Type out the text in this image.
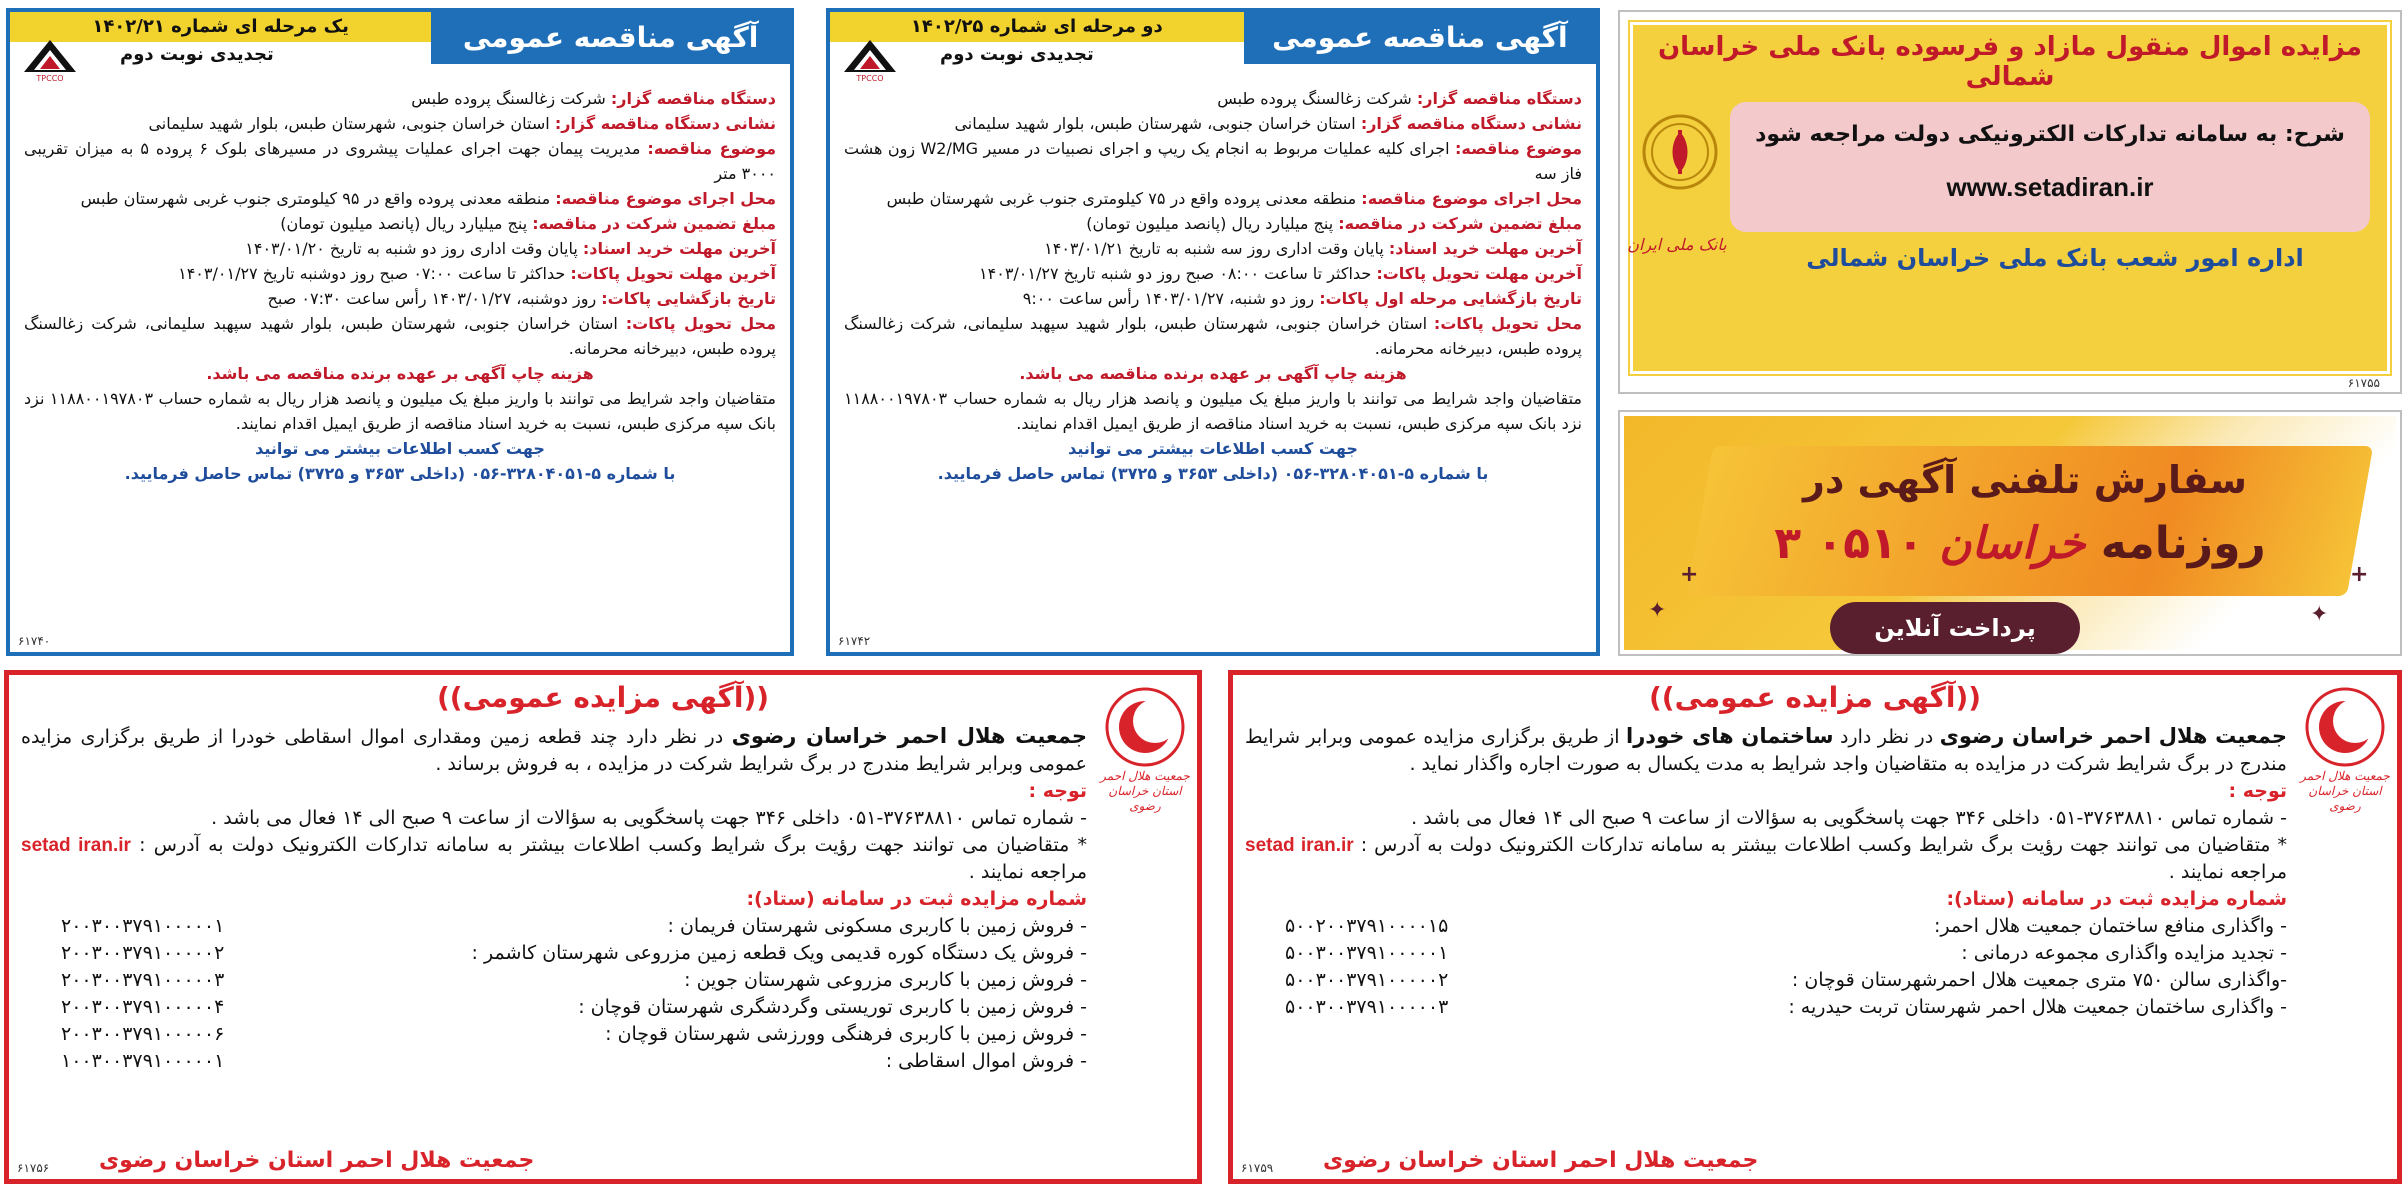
یک مرحله ای شماره ۱۴۰۲/۲۱	آگهی مناقصه عمومی
تجدیدی نوبت دوم
TPCCO

دستگاه مناقصه گزار: شرکت زغالسنگ پروده طبس

نشانی دستگاه مناقصه گزار: استان خراسان جنوبی، شهرستان طبس، بلوار شهید سلیمانی

موضوع مناقصه: مدیریت پیمان جهت اجرای عملیات پیشروی در مسیرهای بلوک ۶ پروده ۵ به میزان تقریبی ۳۰۰۰ متر

محل اجرای موضوع مناقصه: منطقه معدنی پروده واقع در ۹۵ کیلومتری جنوب غربی شهرستان طبس

مبلغ تضمین شرکت در مناقصه: پنج میلیارد ریال (پانصد میلیون تومان)

آخرین مهلت خرید اسناد: پایان وقت اداری روز دو شنبه به تاریخ ۱۴۰۳/۰۱/۲۰

آخرین مهلت تحویل پاکات: حداکثر تا ساعت ۰۷:۰۰ صبح روز دوشنبه تاریخ ۱۴۰۳/۰۱/۲۷

تاریخ بازگشایی پاکات: روز دوشنبه، ۱۴۰۳/۰۱/۲۷ رأس ساعت ۰۷:۳۰ صبح

محل تحویل پاکات: استان خراسان جنوبی، شهرستان طبس، بلوار شهید سپهبد سلیمانی، شرکت زغالسنگ پروده طبس، دبیرخانه محرمانه.

هزینه چاپ آگهی بر عهده برنده مناقصه می باشد.

متقاضیان واجد شرایط می توانند با واریز مبلغ یک میلیون و پانصد هزار ریال به شماره حساب ۱۱۸۸۰۰۱۹۷۸۰۳ نزد بانک سپه مرکزی طبس، نسبت به خرید اسناد مناقصه از طریق ایمیل اقدام نمایند.

جهت کسب اطلاعات بیشتر می توانید

با شماره ۵-۳۲۸۰۴۰۵۱-۰۵۶ (داخلی ۳۶۵۳ و ۳۷۲۵) تماس حاصل فرمایید.

۶۱۷۴۰
دو مرحله ای شماره ۱۴۰۲/۲۵	آگهی مناقصه عمومی
تجدیدی نوبت دوم
TPCCO

دستگاه مناقصه گزار: شرکت زغالسنگ پروده طبس

نشانی دستگاه مناقصه گزار: استان خراسان جنوبی، شهرستان طبس، بلوار شهید سلیمانی

موضوع مناقصه: اجرای کلیه عملیات مربوط به انجام یک ریپ و اجرای نصبیات در مسیر W2/MG زون هشت فاز سه

محل اجرای موضوع مناقصه: منطقه معدنی پروده واقع در ۷۵ کیلومتری جنوب غربی شهرستان طبس

مبلغ تضمین شرکت در مناقصه: پنج میلیارد ریال (پانصد میلیون تومان)

آخرین مهلت خرید اسناد: پایان وقت اداری روز سه شنبه به تاریخ ۱۴۰۳/۰۱/۲۱

آخرین مهلت تحویل پاکات: حداکثر تا ساعت ۰۸:۰۰ صبح روز دو شنبه تاریخ ۱۴۰۳/۰۱/۲۷

تاریخ بازگشایی مرحله اول پاکات: روز دو شنبه، ۱۴۰۳/۰۱/۲۷ رأس ساعت ۹:۰۰

محل تحویل پاکات: استان خراسان جنوبی، شهرستان طبس، بلوار شهید سپهبد سلیمانی، شرکت زغالسنگ پروده طبس، دبیرخانه محرمانه.

هزینه چاپ آگهی بر عهده برنده مناقصه می باشد.

متقاضیان واجد شرایط می توانند با واریز مبلغ یک میلیون و پانصد هزار ریال به شماره حساب ۱۱۸۸۰۰۱۹۷۸۰۳ نزد بانک سپه مرکزی طبس، نسبت به خرید اسناد مناقصه از طریق ایمیل اقدام نمایند.

جهت کسب اطلاعات بیشتر می توانید

با شماره ۵-۳۲۸۰۴۰۵۱-۰۵۶ (داخلی ۳۶۵۳ و ۳۷۲۵) تماس حاصل فرمایید.

۶۱۷۴۲
مزایده اموال منقول مازاد و فرسوده بانک ملی خراسان شمالی
شرح: به سامانه تدارکات الکترونیکی دولت مراجعه شود
www.setadiran.ir
بانک ملی ایران	اداره امور شعب بانک ملی خراسان شمالی
۶۱۷۵۵
سفارش تلفنی آگهی در
روزنامه خراسان ۰۵۱۰ ۳
پرداخت آنلاین
✦	✦
+	+
((آگهی مزایده عمومی))
جمعیت هلال احمر استان خراسان رضوی
جمعیت هلال احمر خراسان رضوی در نظر دارد چند قطعه زمین ومقداری اموال اسقاطی خودرا از طریق برگزاری مزایده عمومی وبرابر شرایط مندرج در برگ شرایط شرکت در مزایده ، به فروش برساند .
توجه :
- شماره تماس ۳۷۶۳۸۸۱۰-۰۵۱ داخلی ۳۴۶ جهت پاسخگویی به سؤالات از ساعت ۹ صبح الی ۱۴ فعال می باشد .
* متقاضیان می توانند جهت رؤیت برگ شرایط وکسب اطلاعات بیشتر به سامانه تدارکات الکترونیک دولت به آدرس : setad iran.ir مراجعه نمایند .
شماره مزایده ثبت در سامانه (ستاد):
- فروش زمین با کاربری مسکونی شهرستان فریمان :
۲۰۰۳۰۰۳۷۹۱۰۰۰۰۰۱
- فروش یک دستگاه کوره قدیمی ویک قطعه زمین مزروعی شهرستان کاشمر :
۲۰۰۳۰۰۳۷۹۱۰۰۰۰۰۲
- فروش زمین با کاربری مزروعی شهرستان جوین :
۲۰۰۳۰۰۳۷۹۱۰۰۰۰۰۳
- فروش زمین با کاربری توریستی وگردشگری شهرستان قوچان :
۲۰۰۳۰۰۳۷۹۱۰۰۰۰۰۴
- فروش زمین با کاربری فرهنگی وورزشی شهرستان قوچان :
۲۰۰۳۰۰۳۷۹۱۰۰۰۰۰۶
- فروش اموال اسقاطی :
۱۰۰۳۰۰۳۷۹۱۰۰۰۰۰۱
جمعیت هلال احمر استان خراسان رضوی
۶۱۷۵۶
((آگهی مزایده عمومی))
جمعیت هلال احمر استان خراسان رضوی
جمعیت هلال احمر خراسان رضوی در نظر دارد ساختمان های خودرا از طریق برگزاری مزایده عمومی وبرابر شرایط مندرج در برگ شرایط شرکت در مزایده به متقاضیان واجد شرایط به مدت یکسال به صورت اجاره واگذار نماید .
توجه :
- شماره تماس ۳۷۶۳۸۸۱۰-۰۵۱ داخلی ۳۴۶ جهت پاسخگویی به سؤالات از ساعت ۹ صبح الی ۱۴ فعال می باشد .
* متقاضیان می توانند جهت رؤیت برگ شرایط وکسب اطلاعات بیشتر به سامانه تدارکات الکترونیک دولت به آدرس : setad iran.ir مراجعه نمایند .
شماره مزایده ثبت در سامانه (ستاد):
- واگذاری منافع ساختمان جمعیت هلال احمر:
۵۰۰۲۰۰۳۷۹۱۰۰۰۰۱۵
- تجدید مزایده واگذاری مجموعه درمانی :
۵۰۰۳۰۰۳۷۹۱۰۰۰۰۰۱
-واگذاری سالن ۷۵۰ متری جمعیت هلال احمرشهرستان قوچان :
۵۰۰۳۰۰۳۷۹۱۰۰۰۰۰۲
- واگذاری ساختمان جمعیت هلال احمر شهرستان تربت حیدریه :
۵۰۰۳۰۰۳۷۹۱۰۰۰۰۰۳
جمعیت هلال احمر استان خراسان رضوی
۶۱۷۵۹
